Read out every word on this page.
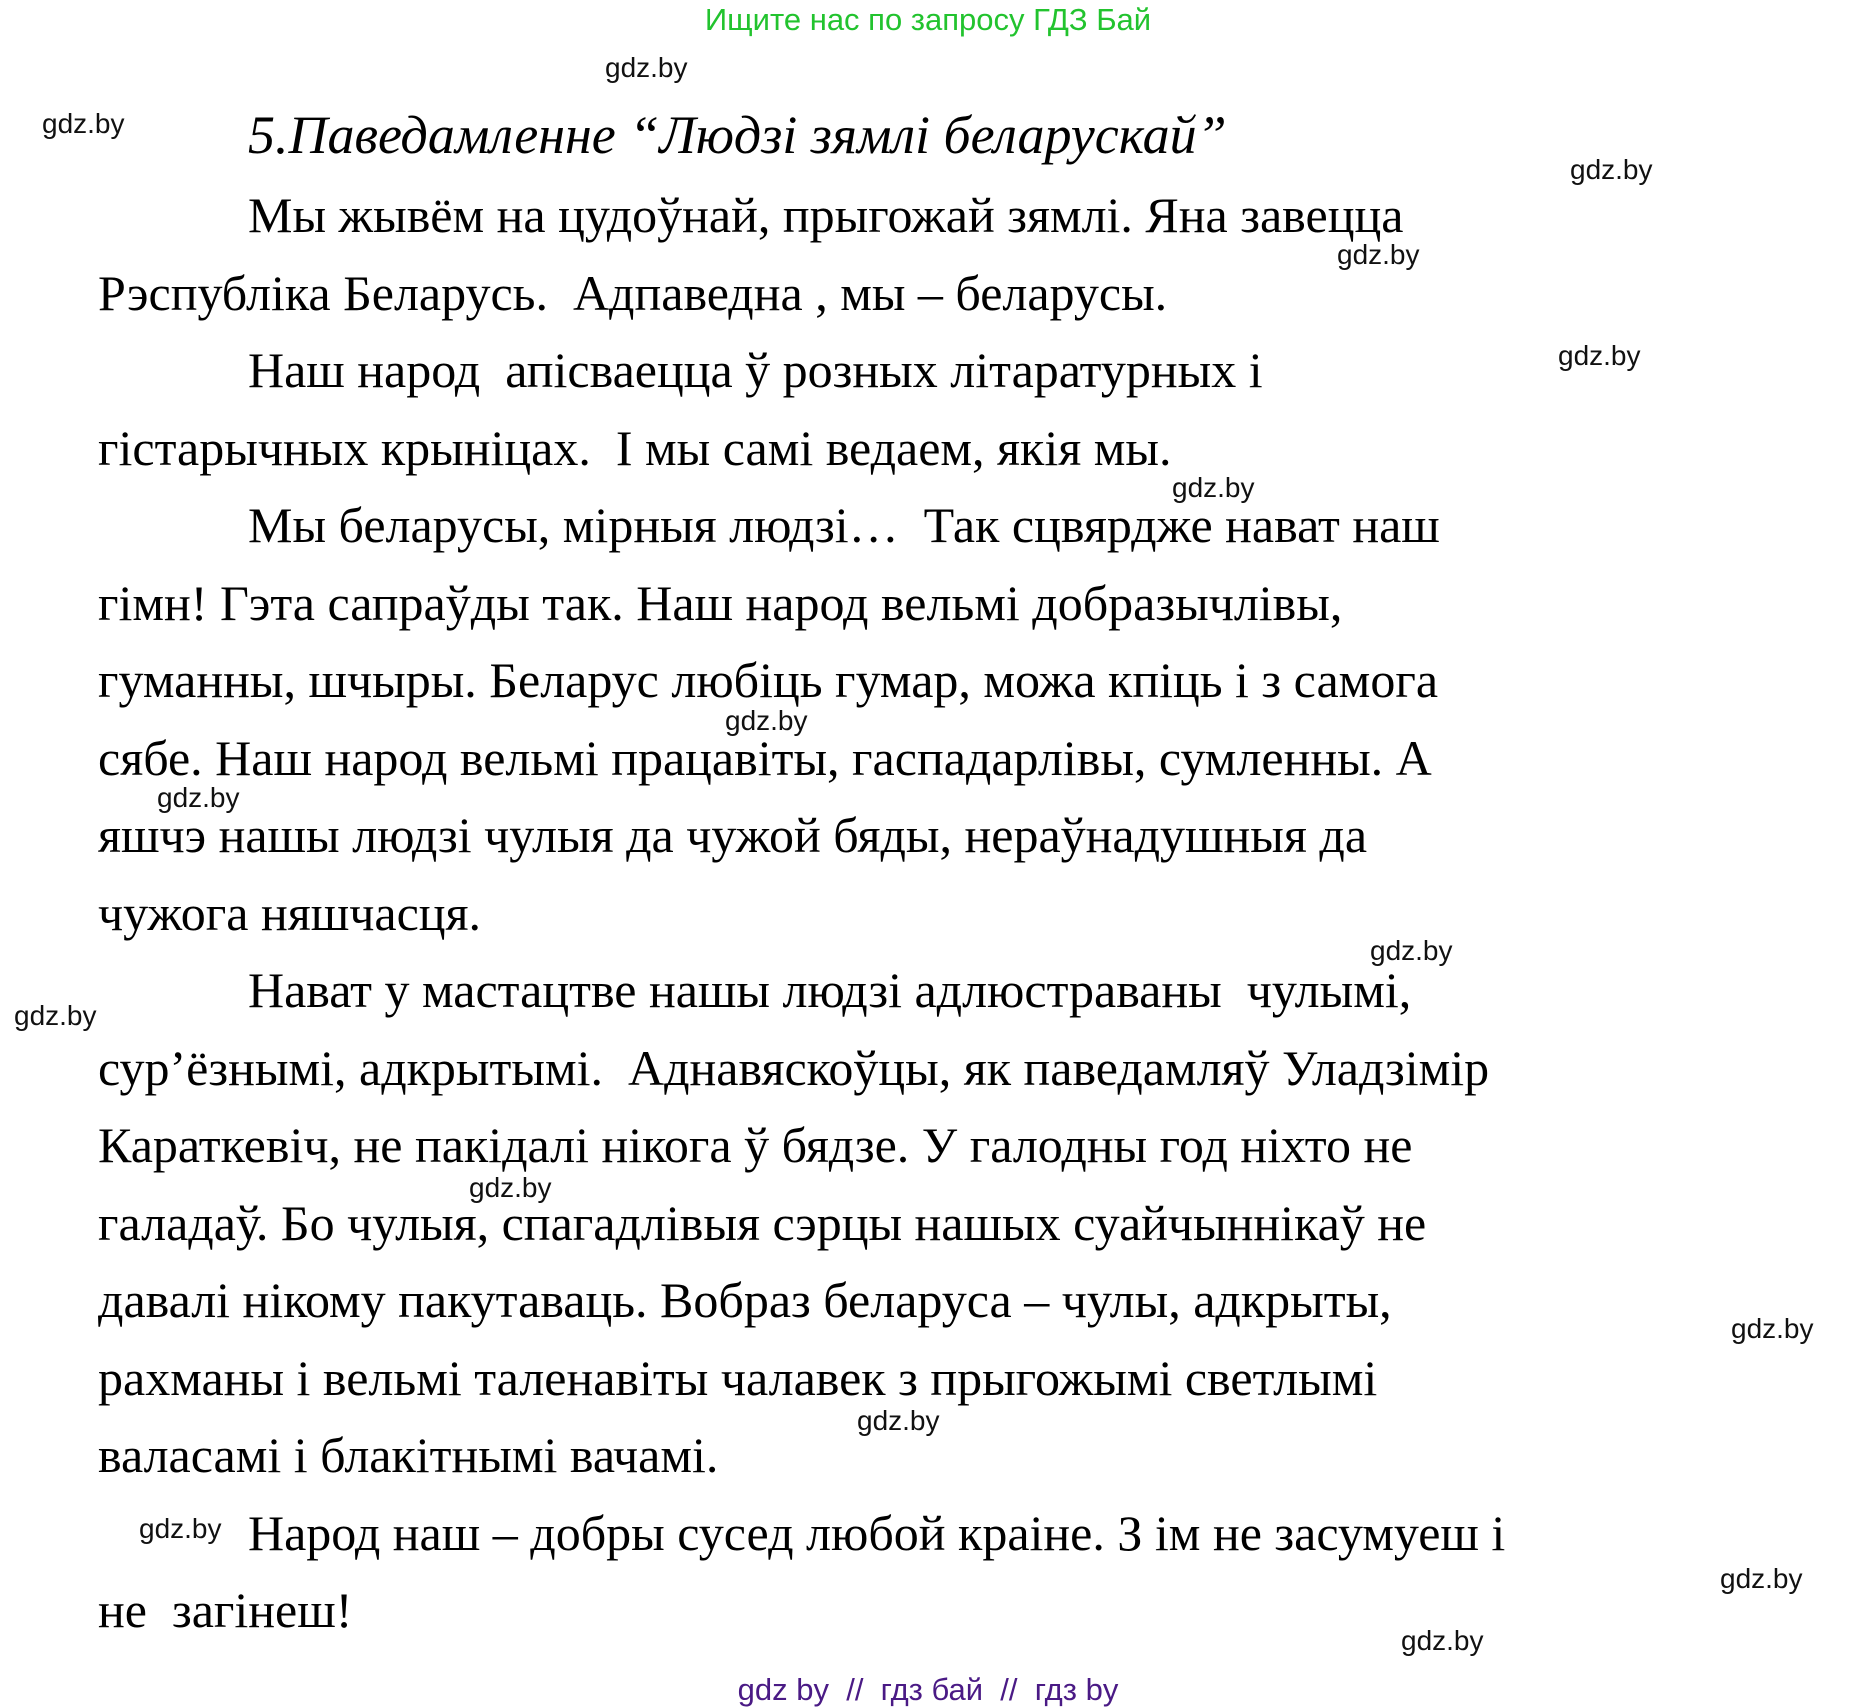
Ищите нас по запросу ГДЗ Бай
gdz.by
gdz.by
gdz.by
gdz.by
gdz.by
gdz.by
gdz.by
gdz.by
gdz.by
gdz.by
gdz.by
gdz.by
gdz.by
gdz.by
gdz.by
gdz.by
5.Паведамленне “Людзі зямлі беларускай”
Мы жывём на цудоўнай, прыгожай зямлі. Яна завецца
Рэспубліка Беларусь.  Адпаведна , мы – беларусы.
Наш народ  апісваецца ў розных літаратурных і
гістарычных крыніцах.  І мы самі ведаем, якія мы.
Мы беларусы, мірныя людзі…  Так сцвярдже нават наш
гімн! Гэта сапраўды так. Наш народ вельмі добразычлівы,
гуманны, шчыры. Беларус любіць гумар, можа кпіць і з самога
сябе. Наш народ вельмі працавіты, гаспадарлівы, сумленны. А
яшчэ нашы людзі чулыя да чужой бяды, нераўнадушныя да
чужога няшчасця.
Нават у мастацтве нашы людзі адлюстраваны  чулымі,
сур’ёзнымі, адкрытымі.  Аднавяскоўцы, як паведамляў Уладзімір
Караткевіч, не пакідалі нікога ў бядзе. У галодны год ніхто не
галадаў. Бо чулыя, спагадлівыя сэрцы нашых суайчыннікаў не
давалі нікому пакутаваць. Вобраз беларуса – чулы, адкрыты,
рахманы і вельмі таленавіты чалавек з прыгожымі светлымі
валасамі і блакітнымі вачамі.
Народ наш – добры сусед любой краіне. З ім не засумуеш і
не  загінеш!
gdz by  //  гдз бай  //  гдз by
